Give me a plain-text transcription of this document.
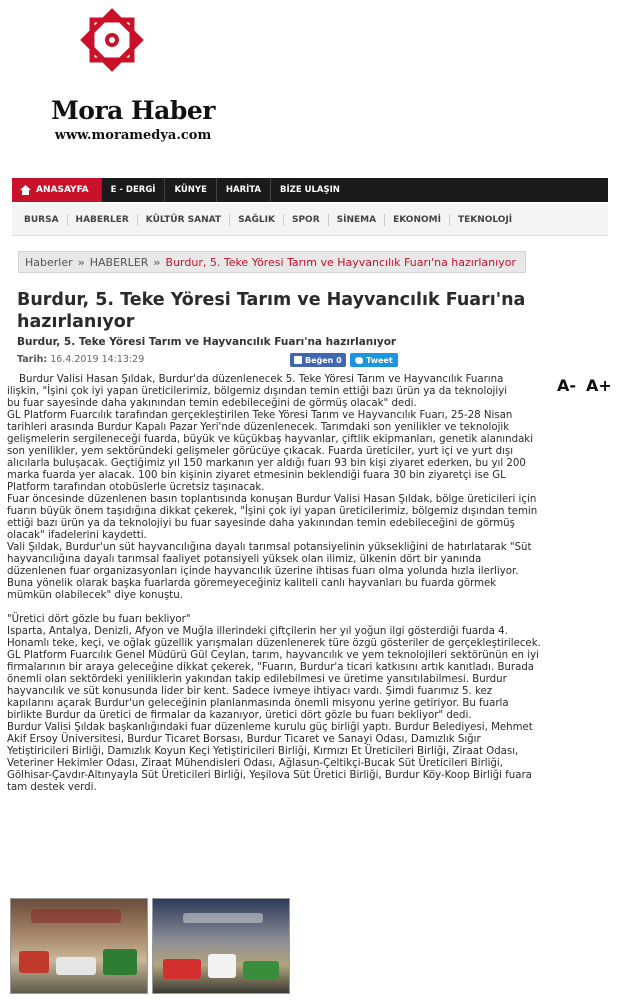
Mora Haber
www.moramedya.com
ANASAYFA	E - DERGİ	KÜNYE	HARİTA	BİZE ULAŞIN
BURSA	HABERLER	KÜLTÜR SANAT	SAĞLIK	SPOR	SİNEMA	EKONOMİ	TEKNOLOJİ
Haberler » HABERLER » Burdur, 5. Teke Yöresi Tarım ve Hayvancılık Fuarı'na hazırlanıyor
Burdur, 5. Teke Yöresi Tarım ve Hayvancılık Fuarı'na hazırlanıyor
Burdur, 5. Teke Yöresi Tarım ve Hayvancılık Fuarı'na hazırlanıyor
Tarih: 16.4.2019 14:13:29	Beğen 0	Tweet
A- A+

Burdur Valisi Hasan Şıldak, Burdur'da düzenlenecek 5. Teke Yöresi Tarım ve Hayvancılık Fuarına ilişkin, "İşini çok iyi yapan üreticilerimiz, bölgemiz dışından temin ettiği bazı ürün ya da teknolojiyi bu fuar sayesinde daha yakınından temin edebileceğini de görmüş olacak" dedi.

GL Platform Fuarcılık tarafından gerçekleştirilen Teke Yöresi Tarım ve Hayvancılık Fuarı, 25-28 Nisan tarihleri arasında Burdur Kapalı Pazar Yeri'nde düzenlenecek. Tarımdaki son yenilikler ve teknolojik gelişmelerin sergileneceği fuarda, büyük ve küçükbaş hayvanlar, çiftlik ekipmanları, genetik alanındaki son yenilikler, yem sektöründeki gelişmeler görücüye çıkacak. Fuarda üreticiler, yurt içi ve yurt dışı alıcılarla buluşacak. Geçtiğimiz yıl 150 markanın yer aldığı fuarı 93 bin kişi ziyaret ederken, bu yıl 200 marka fuarda yer alacak. 100 bin kişinin ziyaret etmesinin beklendiği fuara 30 bin ziyaretçi ise GL Platform tarafından otobüslerle ücretsiz taşınacak.

Fuar öncesinde düzenlenen basın toplantısında konuşan Burdur Valisi Hasan Şıldak, bölge üreticileri için fuarın büyük önem taşıdığına dikkat çekerek, "İşini çok iyi yapan üreticilerimiz, bölgemiz dışından temin ettiği bazı ürün ya da teknolojiyi bu fuar sayesinde daha yakınından temin edebileceğini de görmüş olacak" ifadelerini kaydetti.

Vali Şıldak, Burdur'un süt hayvancılığına dayalı tarımsal potansiyelinin yüksekliğini de hatırlatarak "Süt hayvancılığına dayalı tarımsal faaliyet potansiyeli yüksek olan ilimiz, ülkenin dört bir yanında düzenlenen fuar organizasyonları içinde hayvancılık üzerine ihtisas fuarı olma yolunda hızla ilerliyor. Buna yönelik olarak başka fuarlarda göremeyeceğiniz kaliteli canlı hayvanları bu fuarda görmek mümkün olabilecek" diye konuştu.

"Üretici dört gözle bu fuarı bekliyor"

Isparta, Antalya, Denizli, Afyon ve Muğla illerindeki çiftçilerin her yıl yoğun ilgi gösterdiği fuarda 4. Honamlı teke, keçi, ve oğlak güzellik yarışmaları düzenlenerek türe özgü gösteriler de gerçekleştirilecek. GL Platform Fuarcılık Genel Müdürü Gül Ceylan, tarım, hayvancılık ve yem teknolojileri sektörünün en iyi firmalarının bir araya geleceğine dikkat çekerek, "Fuarın, Burdur'a ticari katkısını artık kanıtladı. Burada önemli olan sektördeki yeniliklerin yakından takip edilebilmesi ve üretime yansıtılabilmesi. Burdur hayvancılık ve süt konusunda lider bir kent. Sadece ivmeye ihtiyacı vardı. Şimdi fuarımız 5. kez kapılarını açarak Burdur'un geleceğinin planlanmasında önemli misyonu yerine getiriyor. Bu fuarla birlikte Burdur da üretici de firmalar da kazanıyor, üretici dört gözle bu fuarı bekliyor" dedi.

Burdur Valisi Şıldak başkanlığındaki fuar düzenleme kurulu güç birliği yaptı. Burdur Belediyesi, Mehmet Akif Ersoy Üniversitesi, Burdur Ticaret Borsası, Burdur Ticaret ve Sanayi Odası, Damızlık Sığır Yetiştiricileri Birliği, Damızlık Koyun Keçi Yetiştiricileri Birliği, Kırmızı Et Üreticileri Birliği, Ziraat Odası, Veteriner Hekimler Odası, Ziraat Mühendisleri Odası, Ağlasun-Çeltikçi-Bucak Süt Üreticileri Birliği, Gölhisar-Çavdır-Altınyayla Süt Üreticileri Birliği, Yeşilova Süt Üretici Birliği, Burdur Köy-Koop Birliği fuara tam destek verdi.
